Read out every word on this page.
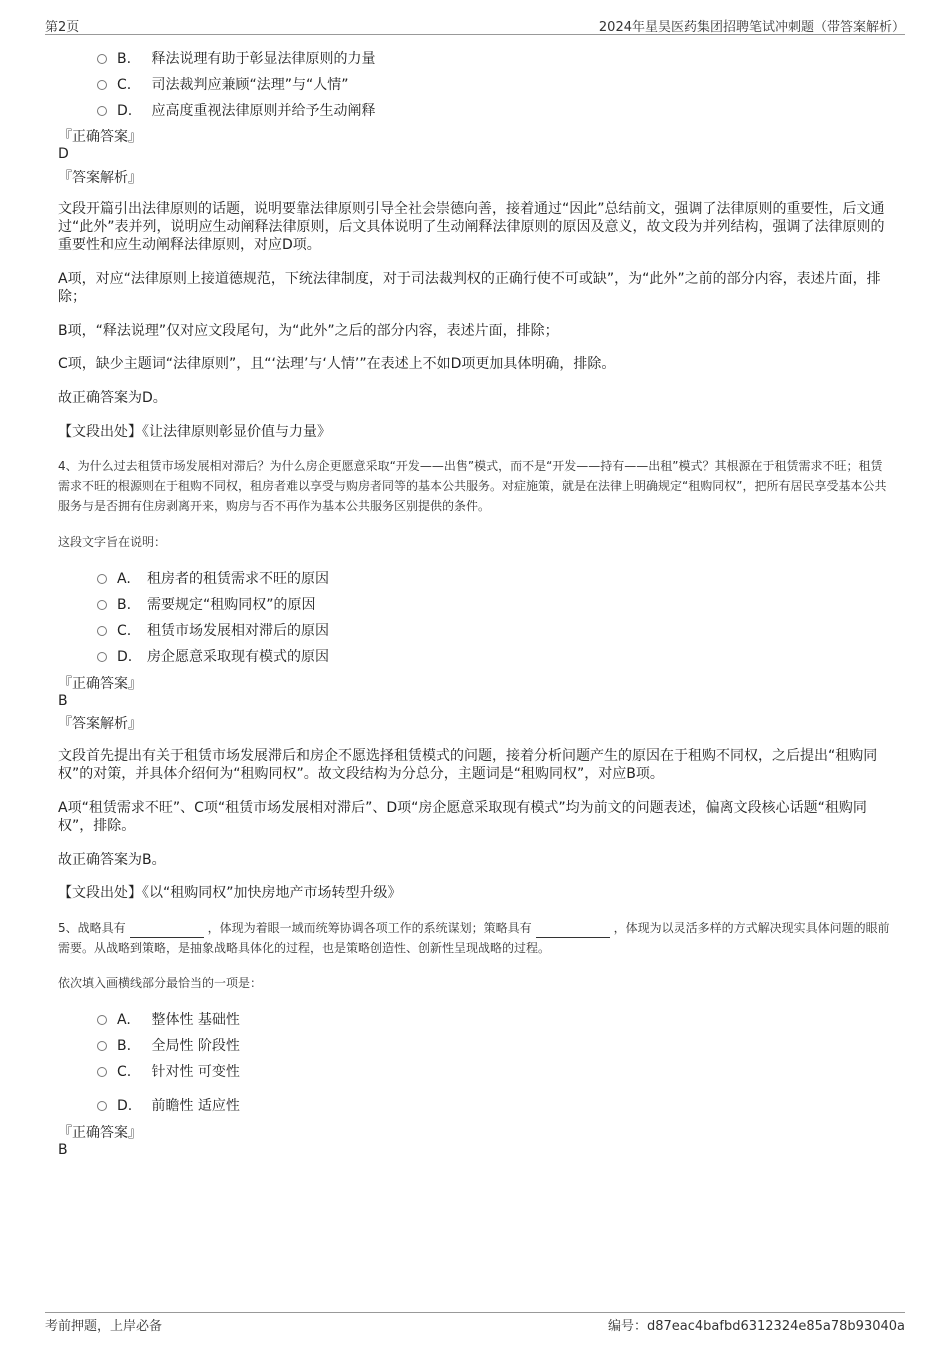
第2页	2024年星昊医药集团招聘笔试冲刺题（带答案解析）
B. 释法说理有助于彰显法律原则的力量
C. 司法裁判应兼顾“法理”与“人情”
D. 应高度重视法律原则并给予生动阐释
『正确答案』
D
『答案解析』
文段开篇引出法律原则的话题，说明要靠法律原则引导全社会崇德向善，接着通过“因此”总结前文，强调了法律原则的重要性，后文通过“此外”表并列，说明应生动阐释法律原则，后文具体说明了生动阐释法律原则的原因及意义，故文段为并列结构，强调了法律原则的重要性和应生动阐释法律原则，对应D项。
A项，对应“法律原则上接道德规范，下统法律制度，对于司法裁判权的正确行使不可或缺”，为“此外”之前的部分内容，表述片面，排除；
B项，“释法说理”仅对应文段尾句，为“此外”之后的部分内容，表述片面，排除；
C项，缺少主题词“法律原则”，且“‘法理’与‘人情’”在表述上不如D项更加具体明确，排除。
故正确答案为D。
【文段出处】《让法律原则彰显价值与力量》
4、为什么过去租赁市场发展相对滞后？为什么房企更愿意采取“开发——出售”模式，而不是“开发——持有——出租”模式？其根源在于租赁需求不旺；租赁需求不旺的根源则在于租购不同权，租房者难以享受与购房者同等的基本公共服务。对症施策，就是在法律上明确规定“租购同权”，把所有居民享受基本公共服务与是否拥有住房剥离开来，购房与否不再作为基本公共服务区别提供的条件。
这段文字旨在说明：
A. 租房者的租赁需求不旺的原因
B. 需要规定“租购同权”的原因
C. 租赁市场发展相对滞后的原因
D. 房企愿意采取现有模式的原因
『正确答案』
B
『答案解析』
文段首先提出有关于租赁市场发展滞后和房企不愿选择租赁模式的问题，接着分析问题产生的原因在于租购不同权，之后提出“租购同权”的对策，并具体介绍何为“租购同权”。故文段结构为分总分，主题词是“租购同权”，对应B项。
A项“租赁需求不旺”、C项“租赁市场发展相对滞后”、D项“房企愿意采取现有模式”均为前文的问题表述，偏离文段核心话题“租购同权”，排除。
故正确答案为B。
【文段出处】《以“租购同权”加快房地产市场转型升级》
5、战略具有	，体现为着眼一域而统筹协调各项工作的系统谋划；策略具有	，体现为以灵活多样的方式解决现实具体问题的眼前需要。从战略到策略，是抽象战略具体化的过程，也是策略创造性、创新性呈现战略的过程。
依次填入画横线部分最恰当的一项是：
A. 整体性 基础性
B. 全局性 阶段性
C. 针对性 可变性
D. 前瞻性 适应性
『正确答案』
B
考前押题，上岸必备	编号：d87eac4bafbd6312324e85a78b93040a
